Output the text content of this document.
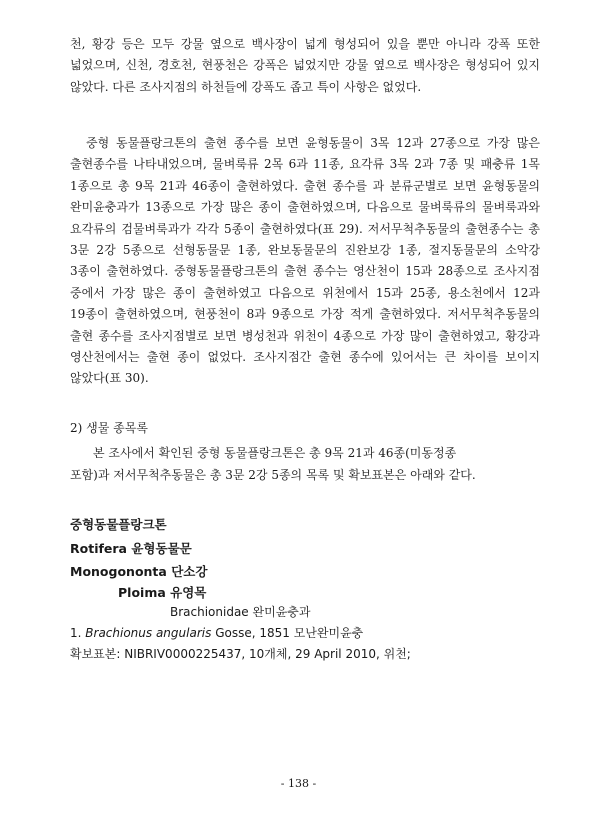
천, 황강 등은 모두 강물 옆으로 백사장이 넓게 형성되어 있을 뿐만 아니라 강폭 또한 넓었으며, 신천, 경호천, 현풍천은 강폭은 넓었지만 강물 옆으로 백사장은 형성되어 있지 않았다. 다른 조사지점의 하천들에 강폭도 좁고 특이 사항은 없었다.

중형 동물플랑크톤의 출현 종수를 보면 윤형동물이 3목 12과 27종으로 가장 많은 출현종수를 나타내었으며, 물벼룩류 2목 6과 11종, 요각류 3목 2과 7종 및 패충류 1목 1종으로 총 9목 21과 46종이 출현하였다. 출현 종수를 과 분류군별로 보면 윤형동물의 완미윤충과가 13종으로 가장 많은 종이 출현하였으며, 다음으로 물벼룩류의 물벼룩과와 요각류의 검물벼룩과가 각각 5종이 출현하였다(표 29). 저서무척추동물의 출현종수는 총 3문 2강 5종으로 선형동물문 1종, 완보동물문의 진완보강 1종, 절지동물문의 소악강 3종이 출현하였다. 중형동물플랑크톤의 출현 종수는 영산천이 15과 28종으로 조사지점 중에서 가장 많은 종이 출현하였고 다음으로 위천에서 15과 25종, 용소천에서 12과 19종이 출현하였으며, 현풍천이 8과 9종으로 가장 적게 출현하였다. 저서무척추동물의 출현 종수를 조사지점별로 보면 병성천과 위천이 4종으로 가장 많이 출현하였고, 황강과 영산천에서는 출현 종이 없었다. 조사지점간 출현 종수에 있어서는 큰 차이를 보이지 않았다(표 30).

2) 생물 종목록
본 조사에서 확인된 중형 동물플랑크톤은 총 9목 21과 46종(미동정종
포함)과 저서무척추동물은 총 3문 2강 5종의 목록 및 확보표본은 아래와 같다.
중형동물플랑크톤
Rotifera 윤형동물문
Monogononta 단소강
Ploima 유영목
Brachionidae 완미윤충과
1. Brachionus angularis Gosse, 1851 모난완미윤충
확보표본: NIBRIV0000225437, 10개체, 29 April 2010, 위천;
- 138 -
